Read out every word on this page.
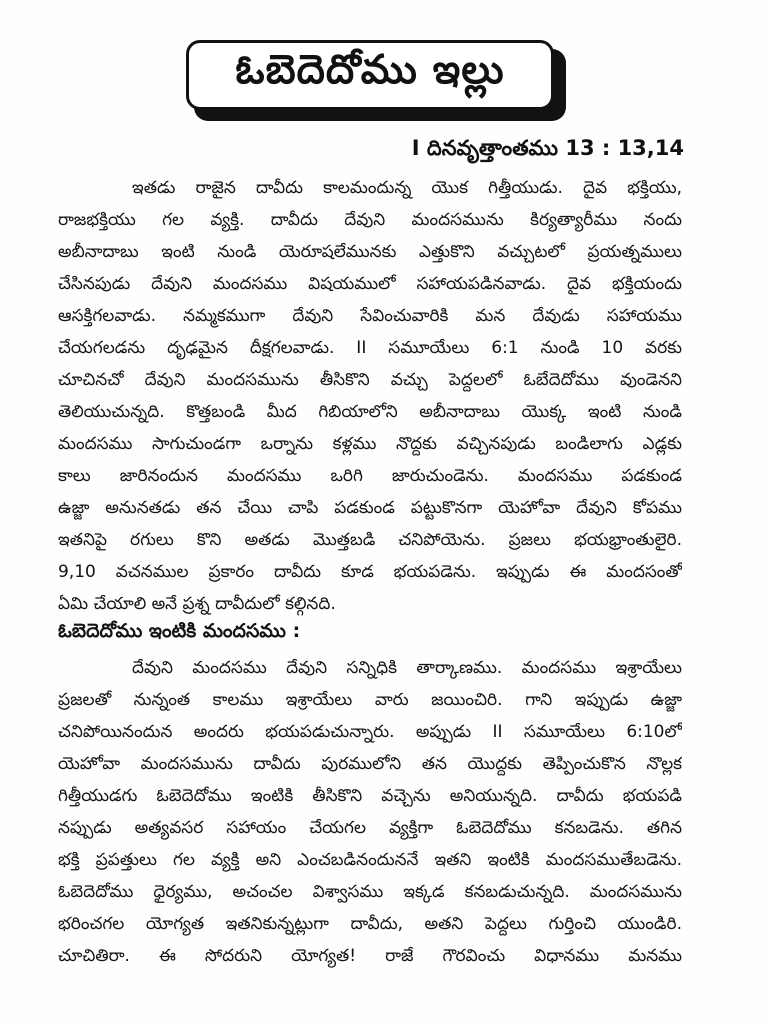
ఓబెదెదోము ఇల్లు
I దినవృత్తాంతము 13 : 13,14
ఇతడు రాజైన దావీదు కాలమందున్న యొక గిత్తీయుడు. దైవ భక్తియు,
రాజభక్తియు గల వ్యక్తి. దావీదు దేవుని మందసమును కిర్యత్యారీము నందు
అబీనాదాబు ఇంటి నుండి యెరూషలేమునకు ఎత్తుకొని వచ్చుటలో ప్రయత్నములు
చేసినపుడు దేవుని మందసము విషయములో సహాయపడినవాడు. దైవ భక్తియందు
ఆసక్తిగలవాడు. నమ్మకముగా దేవుని సేవించువారికి మన దేవుడు సహాయము
చేయగలడను దృఢమైన దీక్షగలవాడు. II సమూయేలు 6:1 నుండి 10 వరకు
చూచినచో దేవుని మందసమును తీసికొని వచ్చు పెద్దలలో ఓబేదెదోము వుండెనని
తెలియుచున్నది. కొత్తబండి మీద గిబియాలోని అబీనాదాబు యొక్క ఇంటి నుండి
మందసము సాగుచుండగా ఒర్నాను కళ్లము నొద్దకు వచ్చినపుడు బండిలాగు ఎడ్లకు
కాలు జారినందున మందసము ఒరిగి జారుచుండెను. మందసము పడకుండ
ఉజ్జా అనునతడు తన చేయి చాపి పడకుండ పట్టుకొనగా యెహోవా దేవుని కోపము
ఇతనిపై రగులు కొని అతడు మొత్తబడి చనిపోయెను. ప్రజలు భయభ్రాంతులైరి.
9,10 వచనముల ప్రకారం దావీదు కూడ భయపడెను. ఇప్పుడు ఈ మందసంతో
ఏమి చేయాలి అనే ప్రశ్న దావీదులో కల్గినది.
ఓబెదెదోము ఇంటికి మందసము :
దేవుని మందసము దేవుని సన్నిధికి తార్కాణము. మందసము ఇశ్రాయేలు
ప్రజలతో నున్నంత కాలము ఇశ్రాయేలు వారు జయించిరి. గాని ఇప్పుడు ఉజ్జా
చనిపోయినందున అందరు భయపడుచున్నారు. అప్పుడు II సమూయేలు 6:10లో
యెహోవా మందసమును దావీదు పురములోని తన యొద్దకు తెప్పించుకొన నొల్లక
గిత్తీయుడగు ఓబెదెదోము ఇంటికి తీసికొని వచ్చెను అనియున్నది. దావీదు భయపడి
నప్పుడు అత్యవసర సహాయం చేయగల వ్యక్తిగా ఓబెదెదోము కనబడెను. తగిన
భక్తి ప్రపత్తులు గల వ్యక్తి అని ఎంచబడినందుననే ఇతని ఇంటికి మందసముతేబడెను.
ఓబెదెదోము ధైర్యము, అచంచల విశ్వాసము ఇక్కడ కనబడుచున్నది. మందసమును
భరించగల యోగ్యత ఇతనికున్నట్లుగా దావీదు, అతని పెద్దలు గుర్తించి యుండిరి.
చూచితిరా. ఈ సోదరుని యోగ్యత! రాజే గౌరవించు విధానము మనము
